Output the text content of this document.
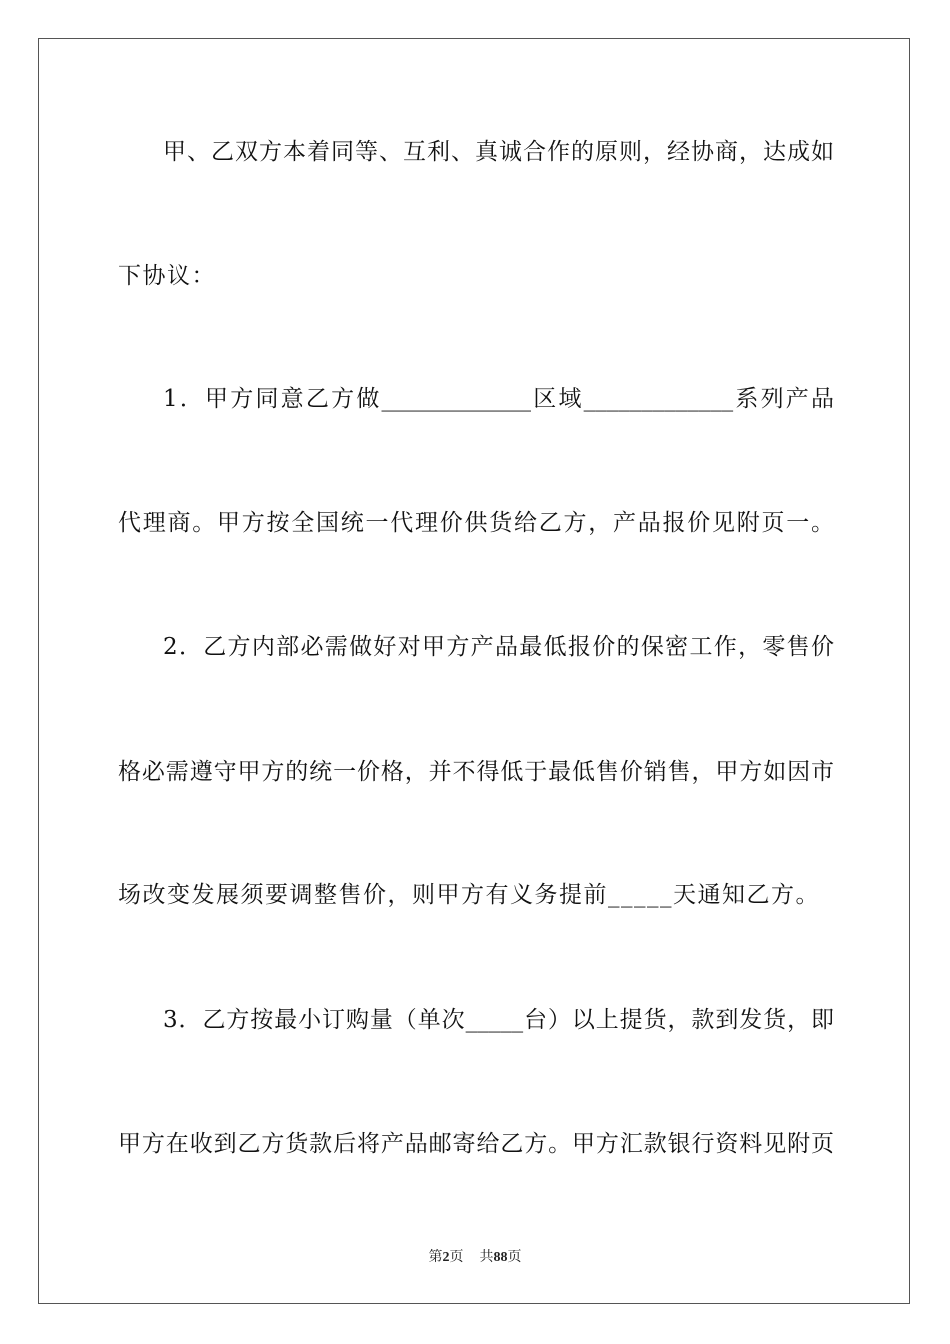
甲、乙双方本着同等、互利、真诚合作的原则，经协商，达成如
下协议：
1．甲方同意乙方做_____________区域_____________系列产品
代理商。甲方按全国统一代理价供货给乙方，产品报价见附页一。
2．乙方内部必需做好对甲方产品最低报价的保密工作，零售价
格必需遵守甲方的统一价格，并不得低于最低售价销售，甲方如因市
场改变发展须要调整售价，则甲方有义务提前_____天通知乙方。
3．乙方按最小订购量（单次_____台）以上提货，款到发货，即
甲方在收到乙方货款后将产品邮寄给乙方。甲方汇款银行资料见附页
第2页 共88页
